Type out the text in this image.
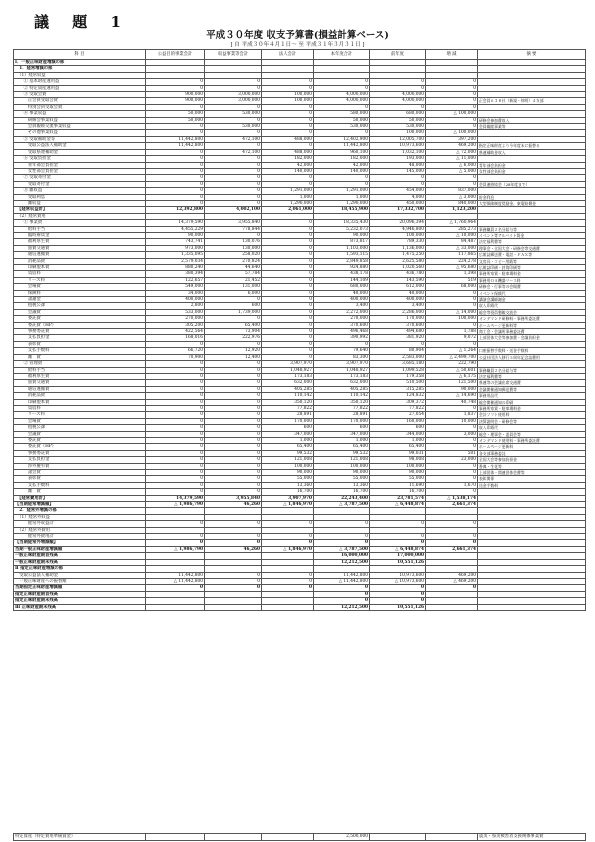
議 題 1
平成３０年度 収支予算書(損益計算ベース)
[ 自 平成３０年４月１日～ 至 平成３１年３月３１日 ]
科 目	公益目的事業会計	収益事業等会計	法人会計	本年度合計	前年度	増 減	摘 要
Ⅰ．一般正味財産増減の部							
　1．経常増減の部							
　（1）経常収益							
　　① 基本財産運用益	0	0	0	0	0	0	
　　② 特定資産運用益	0	0	0	0	0	0	
　　③ 受取会費	900,000	3,000,000	100,000	4,000,000	4,000,000	0	
　　　正会員受取会費	900,000	3,000,000	100,000	4,000,000	4,000,000	0	正会員６３８社（新規・休明）４支部
　　　特別会員受取会費	0	0	0	0	0	0	
　　④ 事業収益	50,000	530,000	0	580,000	680,000	△ 100,000	
　　　研修会事業収益	50,000	0	0	50,000	50,000	0	研修会参加費収入
　　　会員親睦交流事業収益	0	530,000	0	530,000	530,000	0	会員親睦事業等
　　　その他事業収益	0	0	0	0	100,000	△ 100,000	
　　⑤ 受取補助金等	11,442,800	472,100	488,000	12,402,900	12,005,700	397,200	
　　　受取公益法人補助金	11,442,800	0	0	11,442,800	10,973,600	469,200	指定正味財産より今年度末に振替る
　　　受取県連補助金	0	472,100	488,000	960,100	1,032,100	△ 72,000	県連補助金収入
　　⑥ 受取負担金	0	0	182,000	182,000	193,000	△ 11,000	
　　　青年部会負担金	0	0	42,000	42,000	48,000	△ 6,000	青年部会負担金
　　　女性部会負担金	0	0	140,000	140,000	145,000	△ 5,000	女性部会負担金
　　⑦ 受取寄付金	0	0	0	0	0	0	
　　　受取寄付金	0	0	0	0	0	0	会員連絡協会（28年度まで）
　　⑧ 雑収益	0	0	1,291,000	1,291,000	454,000	837,000	
　　　受取利息	0	0	1,000	1,000	4,000	△ 3,000	貯金利息
　　　雑収益	0	0	1,290,000	1,290,000	450,000	840,000	大型保険制度奨励金、東電賠償金
　【経常収益計】	12,392,800	4,002,100	2,061,000	18,455,900	17,332,700	1,123,200	
　（2）経常費用							
　　① 事業費	14,379,590	3,955,840	0	18,335,430	20,096,394	△ 1,760,964	
　　　給料手当	4,455,229	778,844	0	5,232,073	4,946,800	285,273	事務職員２名分給与等
　　　臨時雇賃金	90,000	0	0	90,000	100,000	△ 10,000	イベント等アルバイト賃金
　　　福利厚生費	743,741	130,076	0	873,817	789,330	84,487	法定福利費等
　　　旅費交通費	973,000	130,000	0	1,103,000	1,136,000	△ 33,000	理事会・全国大会・研修会等交通費
　　　通信運搬費	1,335,095	258,020	0	1,593,115	1,475,250	117,865	広報誌郵送費・電話・ＦＡＸ等
　　　消耗品費	2,579,034	270,824	0	2,849,858	2,625,580	224,278	文房具・コピー用紙等
　　　印刷製本費	880,240	44,640	0	924,880	1,020,560	△ 95,680	広報誌印刷・封筒印刷等
　　　賃借料	380,394	57,784	0	438,178	436,780	1,398	事務所家賃・駐車場料金
　　　リース料	122,657	21,452	0	144,109	143,590	519	事務用ＯＡ機器リース料
　　　会場費	549,000	131,000	0	680,000	612,000	68,000	研修会・行事等の会場費
　　　保険料	34,000	6,000	0	40,000	40,000	0	イベント保険代
　　　諸謝金	400,000	0	0	400,000	400,000	0	講演会講師謝金
　　　租税公課	2,800	600	0	3,400	3,400	0	収入印紙代
　　　会議費	533,000	1,739,000	0	2,272,000	2,286,000	△ 14,000	総会等役員懇親交流会
　　　委託費	270,000	0	0	270,000	170,000	100,000	オンデマンド研修料・事務所委託費
　　　委託費（HP）	305,200	65,400	0	370,600	370,600	0	ホームページ更新料等
　　　事務委託費	422,564	73,904	0	496,468	494,680	1,788	商工会・会議所事務委託費
　　　支払負担金	168,016	222,976	0	390,992	381,920	9,072	上部団体大会等参加費・会議負担金
　　　表彰費	0	0	0	0	0	0	
　　　支払手数料	66,720	12,920	0	79,640	80,904	△ 1,264	口座振替手数料・送金手数料
　　　雑　費	70,900	12,400	0	83,300	2,583,000	△ 2,499,700	公益社団法人移行５周年記念誌費用
　　② 管理費	0	0	3,907,970	3,907,970	3,685,180	222,790	
　　　給料手当	0	0	1,048,927	1,048,927	1,099,528	△ 50,601	事務職員２名分給与等
　　　福利厚生費	0	0	173,183	173,183	179,358	△ 6,175	法定福利費等
　　　旅費交通費	0	0	632,000	632,000	510,500	121,500	県連等の会議出席交通費
　　　通信運搬費	0	0	405,285	405,285	315,285	90,000	会議開催通知郵送費等
　　　消耗品費	0	0	110,142	110,142	124,832	△ 14,690	事務用品代
　　　印刷製本費	0	0	350,120	350,120	309,372	40,748	総会開催通知の印刷
　　　賃借料	0	0	77,822	77,822	77,822	0	事務所家賃・駐車場料金
　　　リース料	0	0	28,891	28,891	27,054	1,837	会計ソフト使用料
　　　会場費	0	0	170,000	170,000	160,000	10,000	決算説明会・研修会等
　　　租税公課	0	0	600	600	600	0	収入印紙代
　　　会議費	0	0	347,000	347,000	344,000	3,000	総会・理事会・委員会等
　　　委託費	0	0	1,000	1,000	1,000	0	オンデマンド使用料・事務所委託費
　　　委託費（HP）	0	0	65,400	65,400	65,400	0	ホームページ更新料
　　　事務委託費	0	0	99,532	99,532	99,031	501	各支部事務委託
　　　支払負担金	0	0	121,008	121,008	98,008	23,000	全国大会等参加負担金
　　　渉外慶弔費	0	0	100,000	100,000	100,000	0	香典・生花等
　　　諸会費	0	0	90,000	90,000	90,000	0	上部団体・関連団体会費等
　　　表彰費	0	0	55,000	55,000	55,000	0	表彰関係
　　　支払手数料	0	0	13,360	13,360	11,690	1,670	送金手数料
　　　雑　費	0	0	16,700	16,700	16,700	0	
　【経常費用計】	14,379,590	3,955,840	3,907,970	22,243,400	23,781,574	△ 1,538,174	
【当期経常増減額】	△ 1,986,790	46,260	△ 1,846,970	△ 3,787,500	△ 6,448,874	2,661,374	
　2．経常外増減の部							
　（1）経常外収益							
　　　経常外収益計	0	0	0	0	0	0	
　（2）経常外費用							
　　　経常外費用計	0	0	0	0	0	0	
【当期経常外増減額】	0	0	0	0	0	0	
当期一般正味財産増減額	△ 1,986,790	46,260	△ 1,846,970	△ 3,787,500	△ 6,448,874	2,661,374	
一般正味財産期首残高				16,000,000	17,000,000		
一般正味財産期末残高				12,212,500	10,551,126		
Ⅱ 指定正味財産増減の部							
　受取公益法人補助金	11,442,800	0	0	11,442,800	10,973,600	469,200	
　一般正味財産への振替額	△ 11,442,800	0	0	△ 11,442,800	△ 10,973,600	△ 469,200	
当期指定正味財産増減額	0	0	0	0	0	0	
指定正味財産期首残高				0	0		
指定正味財産期末残高				0	0		
Ⅲ 正味財産期末残高				12,212,500	10,551,126		
特定資産（特定費用準備資金）				2,500,000			震災・県災被害者支援関係事業費
